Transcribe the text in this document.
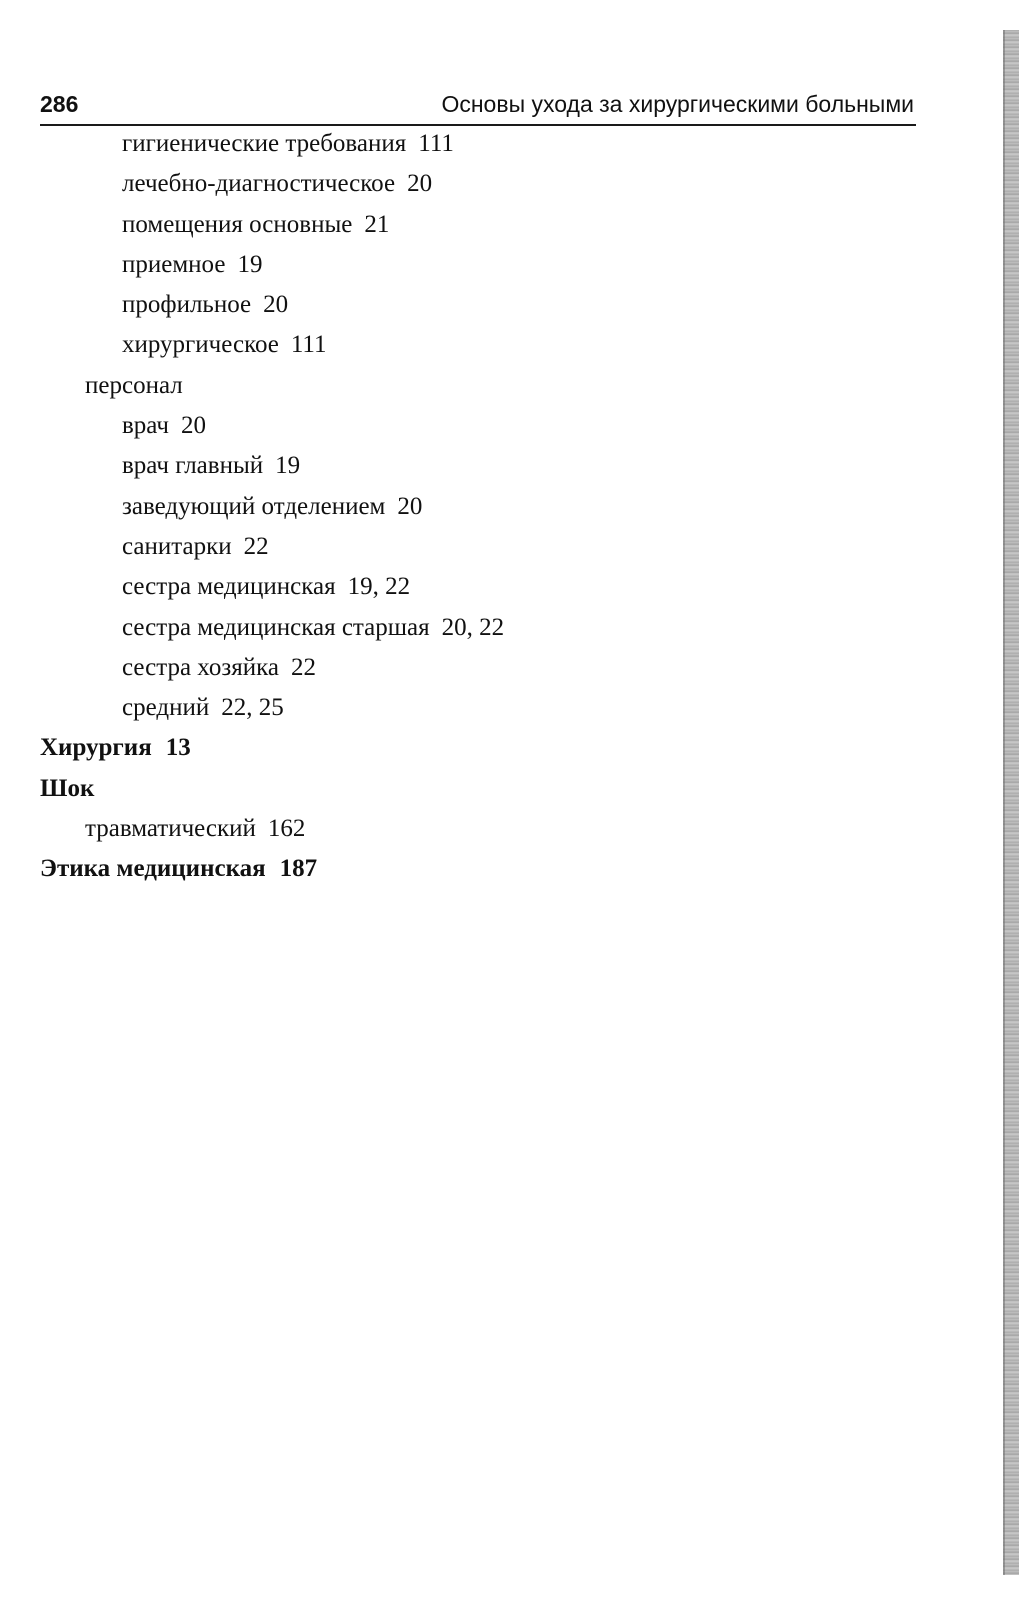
286	Основы ухода за хирургическими больными
гигиенические требования 111
лечебно-диагностическое 20
помещения основные 21
приемное 19
профильное 20
хирургическое 111
персонал
врач 20
врач главный 19
заведующий отделением 20
санитарки 22
сестра медицинская 19, 22
сестра медицинская старшая 20, 22
сестра хозяйка 22
средний 22, 25
Хирургия 13
Шок
травматический 162
Этика медицинская 187
